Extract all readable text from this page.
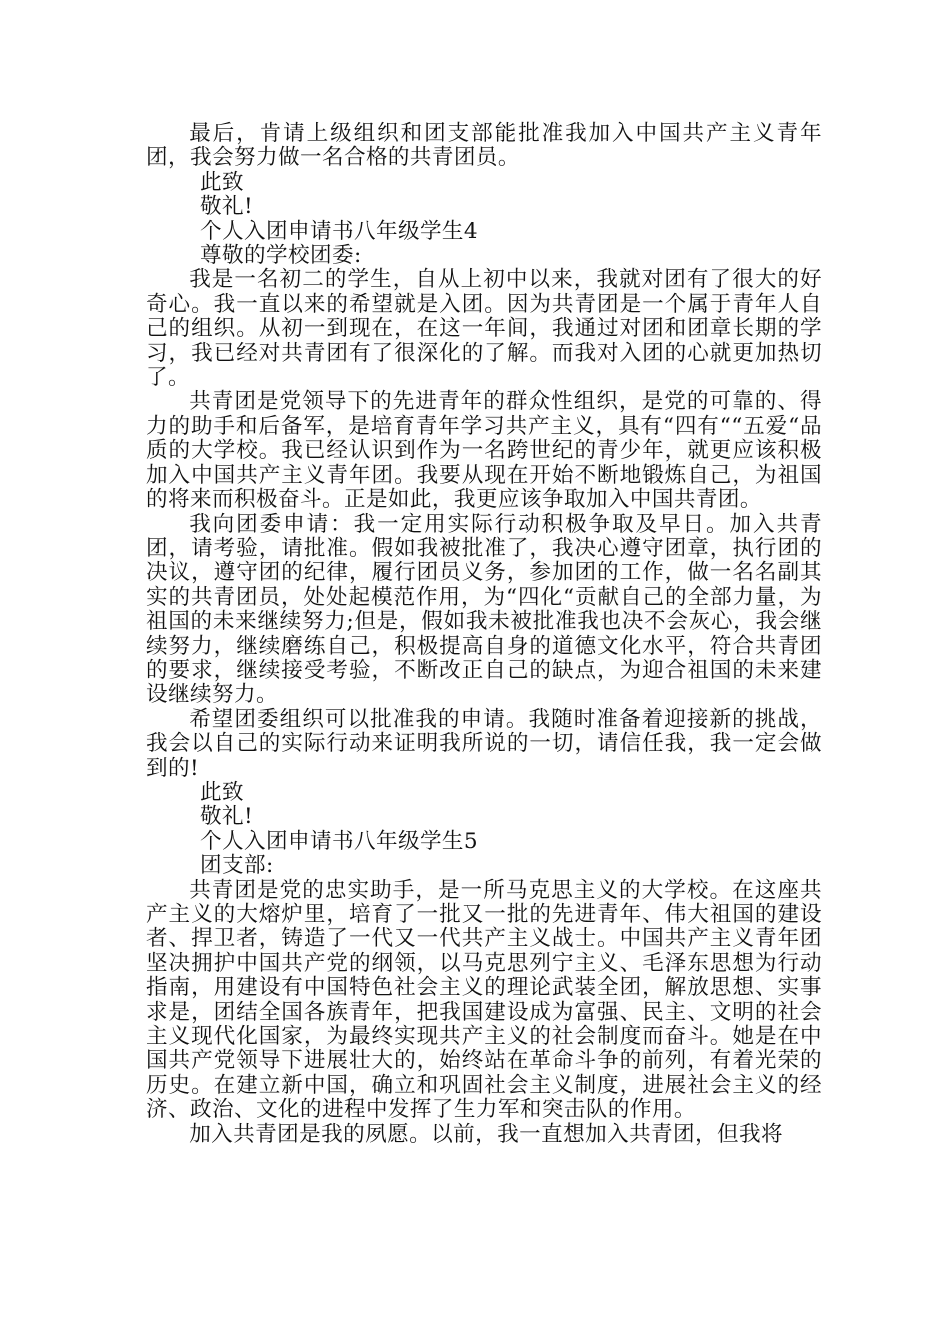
最后，肯请上级组织和团支部能批准我加入中国共产主义青年团，我会努力做一名合格的共青团员。

此致

敬礼!

个人入团申请书八年级学生4

尊敬的学校团委:

我是一名初二的学生，自从上初中以来，我就对团有了很大的好奇心。我一直以来的希望就是入团。因为共青团是一个属于青年人自己的组织。从初一到现在，在这一年间，我通过对团和团章长期的学习，我已经对共青团有了很深化的了解。而我对入团的心就更加热切了。

共青团是党领导下的先进青年的群众性组织，是党的可靠的、得力的助手和后备军，是培育青年学习共产主义，具有“四有““五爱“品质的大学校。我已经认识到作为一名跨世纪的青少年，就更应该积极加入中国共产主义青年团。我要从现在开始不断地锻炼自己，为祖国的将来而积极奋斗。正是如此，我更应该争取加入中国共青团。

我向团委申请：我一定用实际行动积极争取及早日。加入共青团，请考验，请批准。假如我被批准了，我决心遵守团章，执行团的决议，遵守团的纪律，履行团员义务，参加团的工作，做一名名副其实的共青团员，处处起模范作用，为“四化“贡献自己的全部力量，为祖国的未来继续努力;但是，假如我未被批准我也决不会灰心，我会继续努力，继续磨练自己，积极提高自身的道德文化水平，符合共青团的要求，继续接受考验，不断改正自己的缺点，为迎合祖国的未来建设继续努力。

希望团委组织可以批准我的申请。我随时准备着迎接新的挑战，我会以自己的实际行动来证明我所说的一切，请信任我，我一定会做到的!

此致

敬礼!

个人入团申请书八年级学生5

团支部:

共青团是党的忠实助手，是一所马克思主义的大学校。在这座共产主义的大熔炉里，培育了一批又一批的先进青年、伟大祖国的建设者、捍卫者，铸造了一代又一代共产主义战士。中国共产主义青年团坚决拥护中国共产党的纲领，以马克思列宁主义、毛泽东思想为行动指南，用建设有中国特色社会主义的理论武装全团，解放思想、实事求是，团结全国各族青年，把我国建设成为富强、民主、文明的社会主义现代化国家，为最终实现共产主义的社会制度而奋斗。她是在中国共产党领导下进展壮大的，始终站在革命斗争的前列，有着光荣的历史。在建立新中国，确立和巩固社会主义制度，进展社会主义的经济、政治、文化的进程中发挥了生力军和突击队的作用。

加入共青团是我的夙愿。以前，我一直想加入共青团，但我将
